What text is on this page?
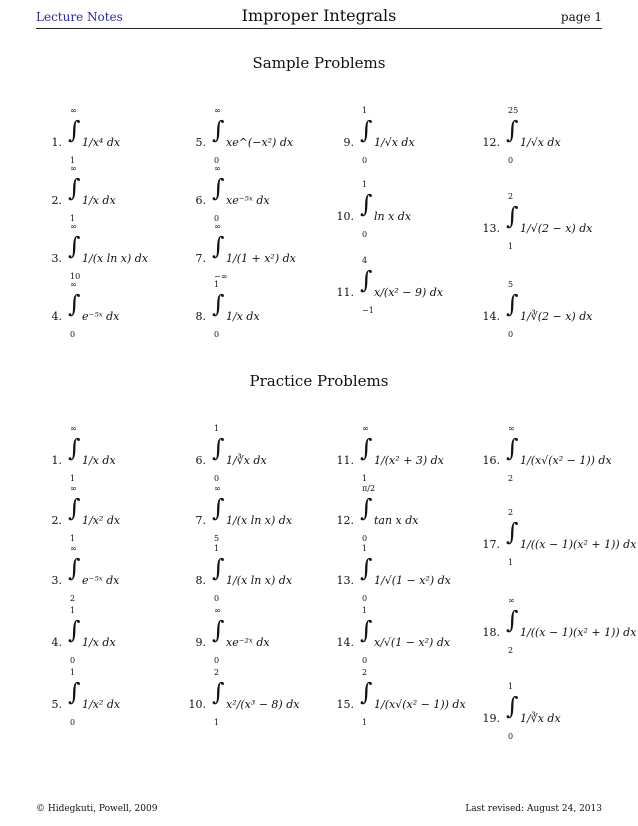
Lecture Notes	Improper Integrals	page 1
Sample Problems
Practice Problems
1.
∞
∫
1
1/x⁴ dx
2.
∞
∫
1
1/x dx
3.
∞
∫
10
1/(x ln x) dx
4.
∞
∫
0
e⁻⁵ˣ dx
5.
∞
∫
0
xe^(−x²) dx
6.
∞
∫
0
xe⁻⁵ˣ dx
7.
∞
∫
−∞
1/(1 + x²) dx
8.
1
∫
0
1/x dx
9.
1
∫
0
1/√x dx
10.
1
∫
0
ln x dx
11.
4
∫
−1
x/(x² − 9) dx
12.
25
∫
0
1/√x dx
13.
2
∫
1
1/√(2 − x) dx
14.
5
∫
0
1/∛(2 − x) dx
1.
∞
∫
1
1/x dx
2.
∞
∫
1
1/x² dx
3.
∞
∫
2
e⁻⁵ˣ dx
4.
1
∫
0
1/x dx
5.
1
∫
0
1/x² dx
6.
1
∫
0
1/∛x dx
7.
∞
∫
5
1/(x ln x) dx
8.
1
∫
0
1/(x ln x) dx
9.
∞
∫
0
xe⁻²ˣ dx
10.
2
∫
1
x²/(x³ − 8) dx
11.
∞
∫
1
1/(x² + 3) dx
12.
π/2
∫
0
tan x dx
13.
1
∫
0
1/√(1 − x²) dx
14.
1
∫
0
x/√(1 − x²) dx
15.
2
∫
1
1/(x√(x² − 1)) dx
16.
∞
∫
2
1/(x√(x² − 1)) dx
17.
2
∫
1
1/((x − 1)(x² + 1)) dx
18.
∞
∫
2
1/((x − 1)(x² + 1)) dx
19.
1
∫
0
1/∛x dx
© Hidegkuti, Powell, 2009	Last revised: August 24, 2013
